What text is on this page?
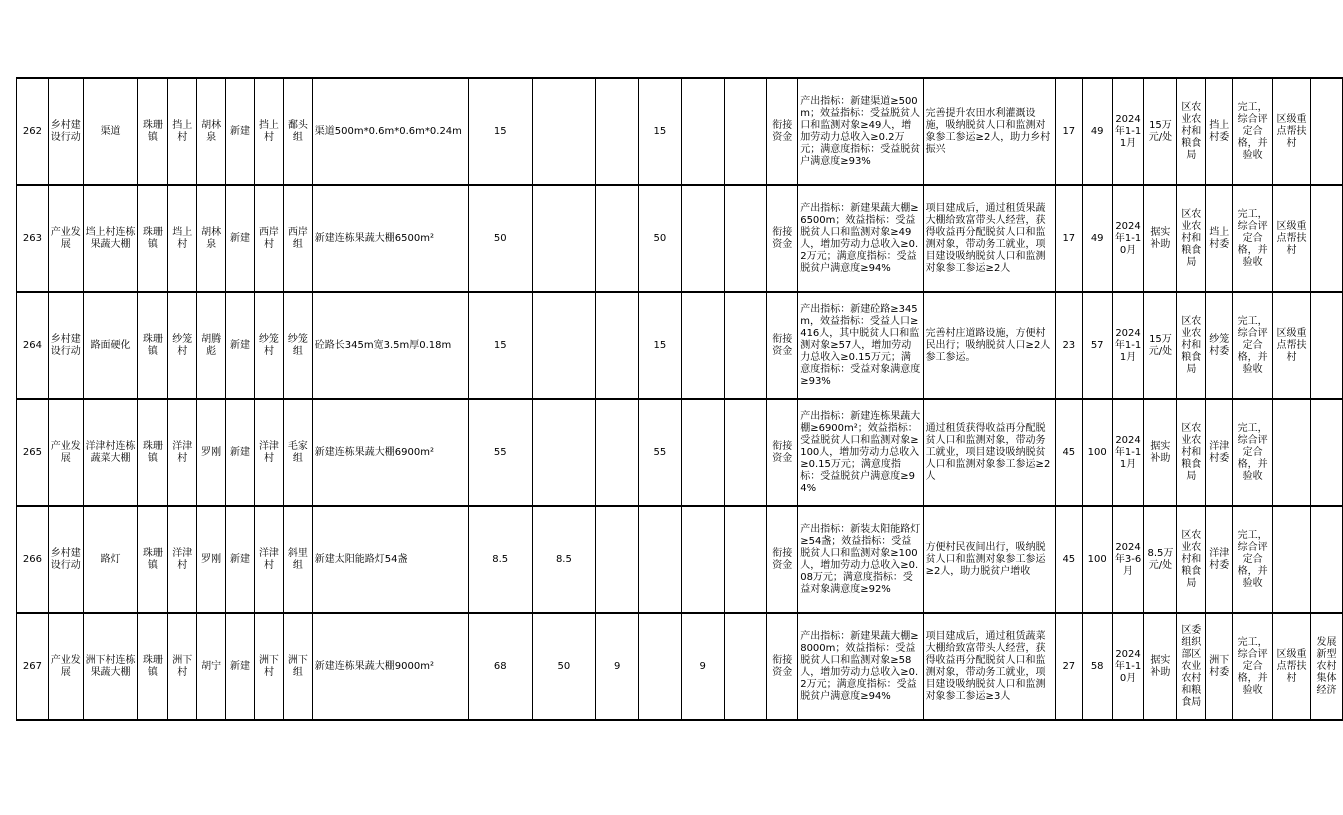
262	乡村建设行动	渠道	珠珊镇	挡上村	胡林泉	新建	挡上村	鄱头组	渠道500m*0.6m*0.6m*0.24m	15			15			衔接资金	产出指标：新建渠道≥500m；效益指标：受益脱贫人口和监测对象≥49人，增加劳动力总收入≥0.2万元；满意度指标：受益脱贫户满意度≥93%	完善提升农田水利灌溉设施，吸纳脱贫人口和监测对象参工参运≥2人，助力乡村振兴	17	49	2024年1-11月	15万元/处	区农业农村和粮食局	挡上村委	完工，综合评定合格，并验收	区级重点帮扶村	
263	产业发展	垱上村连栋果蔬大棚	珠珊镇	垱上村	胡林泉	新建	西岸村	西岸组	新建连栋果蔬大棚6500m²	50			50			衔接资金	产出指标：新建果蔬大棚≥6500m；效益指标：受益脱贫人口和监测对象≥49人，增加劳动力总收入≥0.2万元；满意度指标：受益脱贫户满意度≥94%	项目建成后，通过租赁果蔬大棚给致富带头人经营，获得收益再分配脱贫人口和监测对象，带动务工就业，项目建设吸纳脱贫人口和监测对象参工参运≥2人	17	49	2024年1-10月	据实补助	区农业农村和粮食局	垱上村委	完工，综合评定合格，并验收	区级重点帮扶村	
264	乡村建设行动	路面硬化	珠珊镇	纱笼村	胡腾彪	新建	纱笼村	纱笼组	砼路长345m宽3.5m厚0.18m	15			15			衔接资金	产出指标：新建砼路≥345m，效益指标：受益人口≥416人，其中脱贫人口和监测对象≥57人，增加劳动力总收入≥0.15万元；满意度指标：受益对象满意度≥93%	完善村庄道路设施，方便村民出行；吸纳脱贫人口≥2人参工参运。	23	57	2024年1-11月	15万元/处	区农业农村和粮食局	纱笼村委	完工，综合评定合格，并验收	区级重点帮扶村	
265	产业发展	洋津村连栋蔬菜大棚	珠珊镇	洋津村	罗刚	新建	洋津村	毛家组	新建连栋果蔬大棚6900m²	55			55			衔接资金	产出指标：新建连栋果蔬大棚≥6900m²；效益指标：受益脱贫人口和监测对象≥100人，增加劳动力总收入≥0.15万元；满意度指标：受益脱贫户满意度≥94%	通过租赁获得收益再分配脱贫人口和监测对象，带动务工就业，项目建设吸纳脱贫人口和监测对象参工参运≥2人	45	100	2024年1-11月	据实补助	区农业农村和粮食局	洋津村委	完工，综合评定合格，并验收		
266	乡村建设行动	路灯	珠珊镇	洋津村	罗刚	新建	洋津村	斜里组	新建太阳能路灯54盏	8.5	8.5					衔接资金	产出指标：新装太阳能路灯≥54盏；效益指标：受益脱贫人口和监测对象≥100人，增加劳动力总收入≥0.08万元；满意度指标：受益对象满意度≥92%	方便村民夜间出行，吸纳脱贫人口和监测对象参工参运≥2人，助力脱贫户增收	45	100	2024年3-6月	8.5万元/处	区农业农村和粮食局	洋津村委	完工，综合评定合格，并验收		
267	产业发展	洲下村连栋果蔬大棚	珠珊镇	洲下村	胡宁	新建	洲下村	洲下组	新建连栋果蔬大棚9000m²	68	50	9		9		衔接资金	产出指标：新建果蔬大棚≥8000m；效益指标：受益脱贫人口和监测对象≥58人，增加劳动力总收入≥0.2万元；满意度指标：受益脱贫户满意度≥94%	项目建成后，通过租赁蔬菜大棚给致富带头人经营，获得收益再分配脱贫人口和监测对象，带动务工就业，项目建设吸纳脱贫人口和监测对象参工参运≥3人	27	58	2024年1-10月	据实补助	区委组织部区农业农村和粮食局	洲下村委	完工，综合评定合格，并验收	区级重点帮扶村	发展新型农村集体经济
